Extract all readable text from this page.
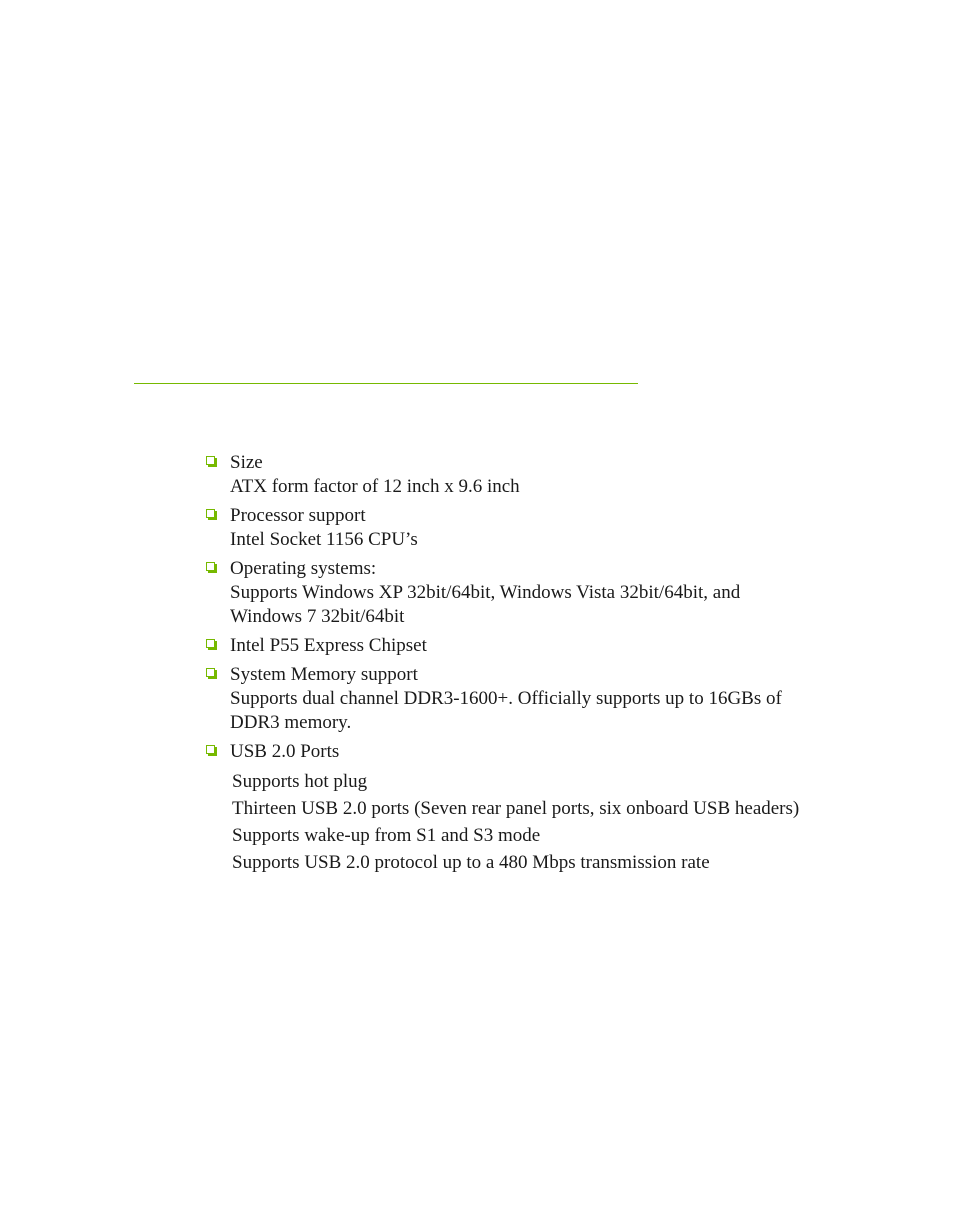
Size
ATX form factor of 12 inch x 9.6 inch
Processor support
Intel Socket 1156 CPU’s
Operating systems:
Supports Windows XP 32bit/64bit, Windows Vista 32bit/64bit, and Windows 7 32bit/64bit
Intel P55 Express Chipset
System Memory support
Supports dual channel DDR3-1600+. Officially supports up to 16GBs of DDR3 memory.
USB 2.0 Ports
Supports hot plug
Thirteen USB 2.0 ports (Seven rear panel ports, six onboard USB headers)
Supports wake-up from S1 and S3 mode
Supports USB 2.0 protocol up to a 480 Mbps transmission rate
